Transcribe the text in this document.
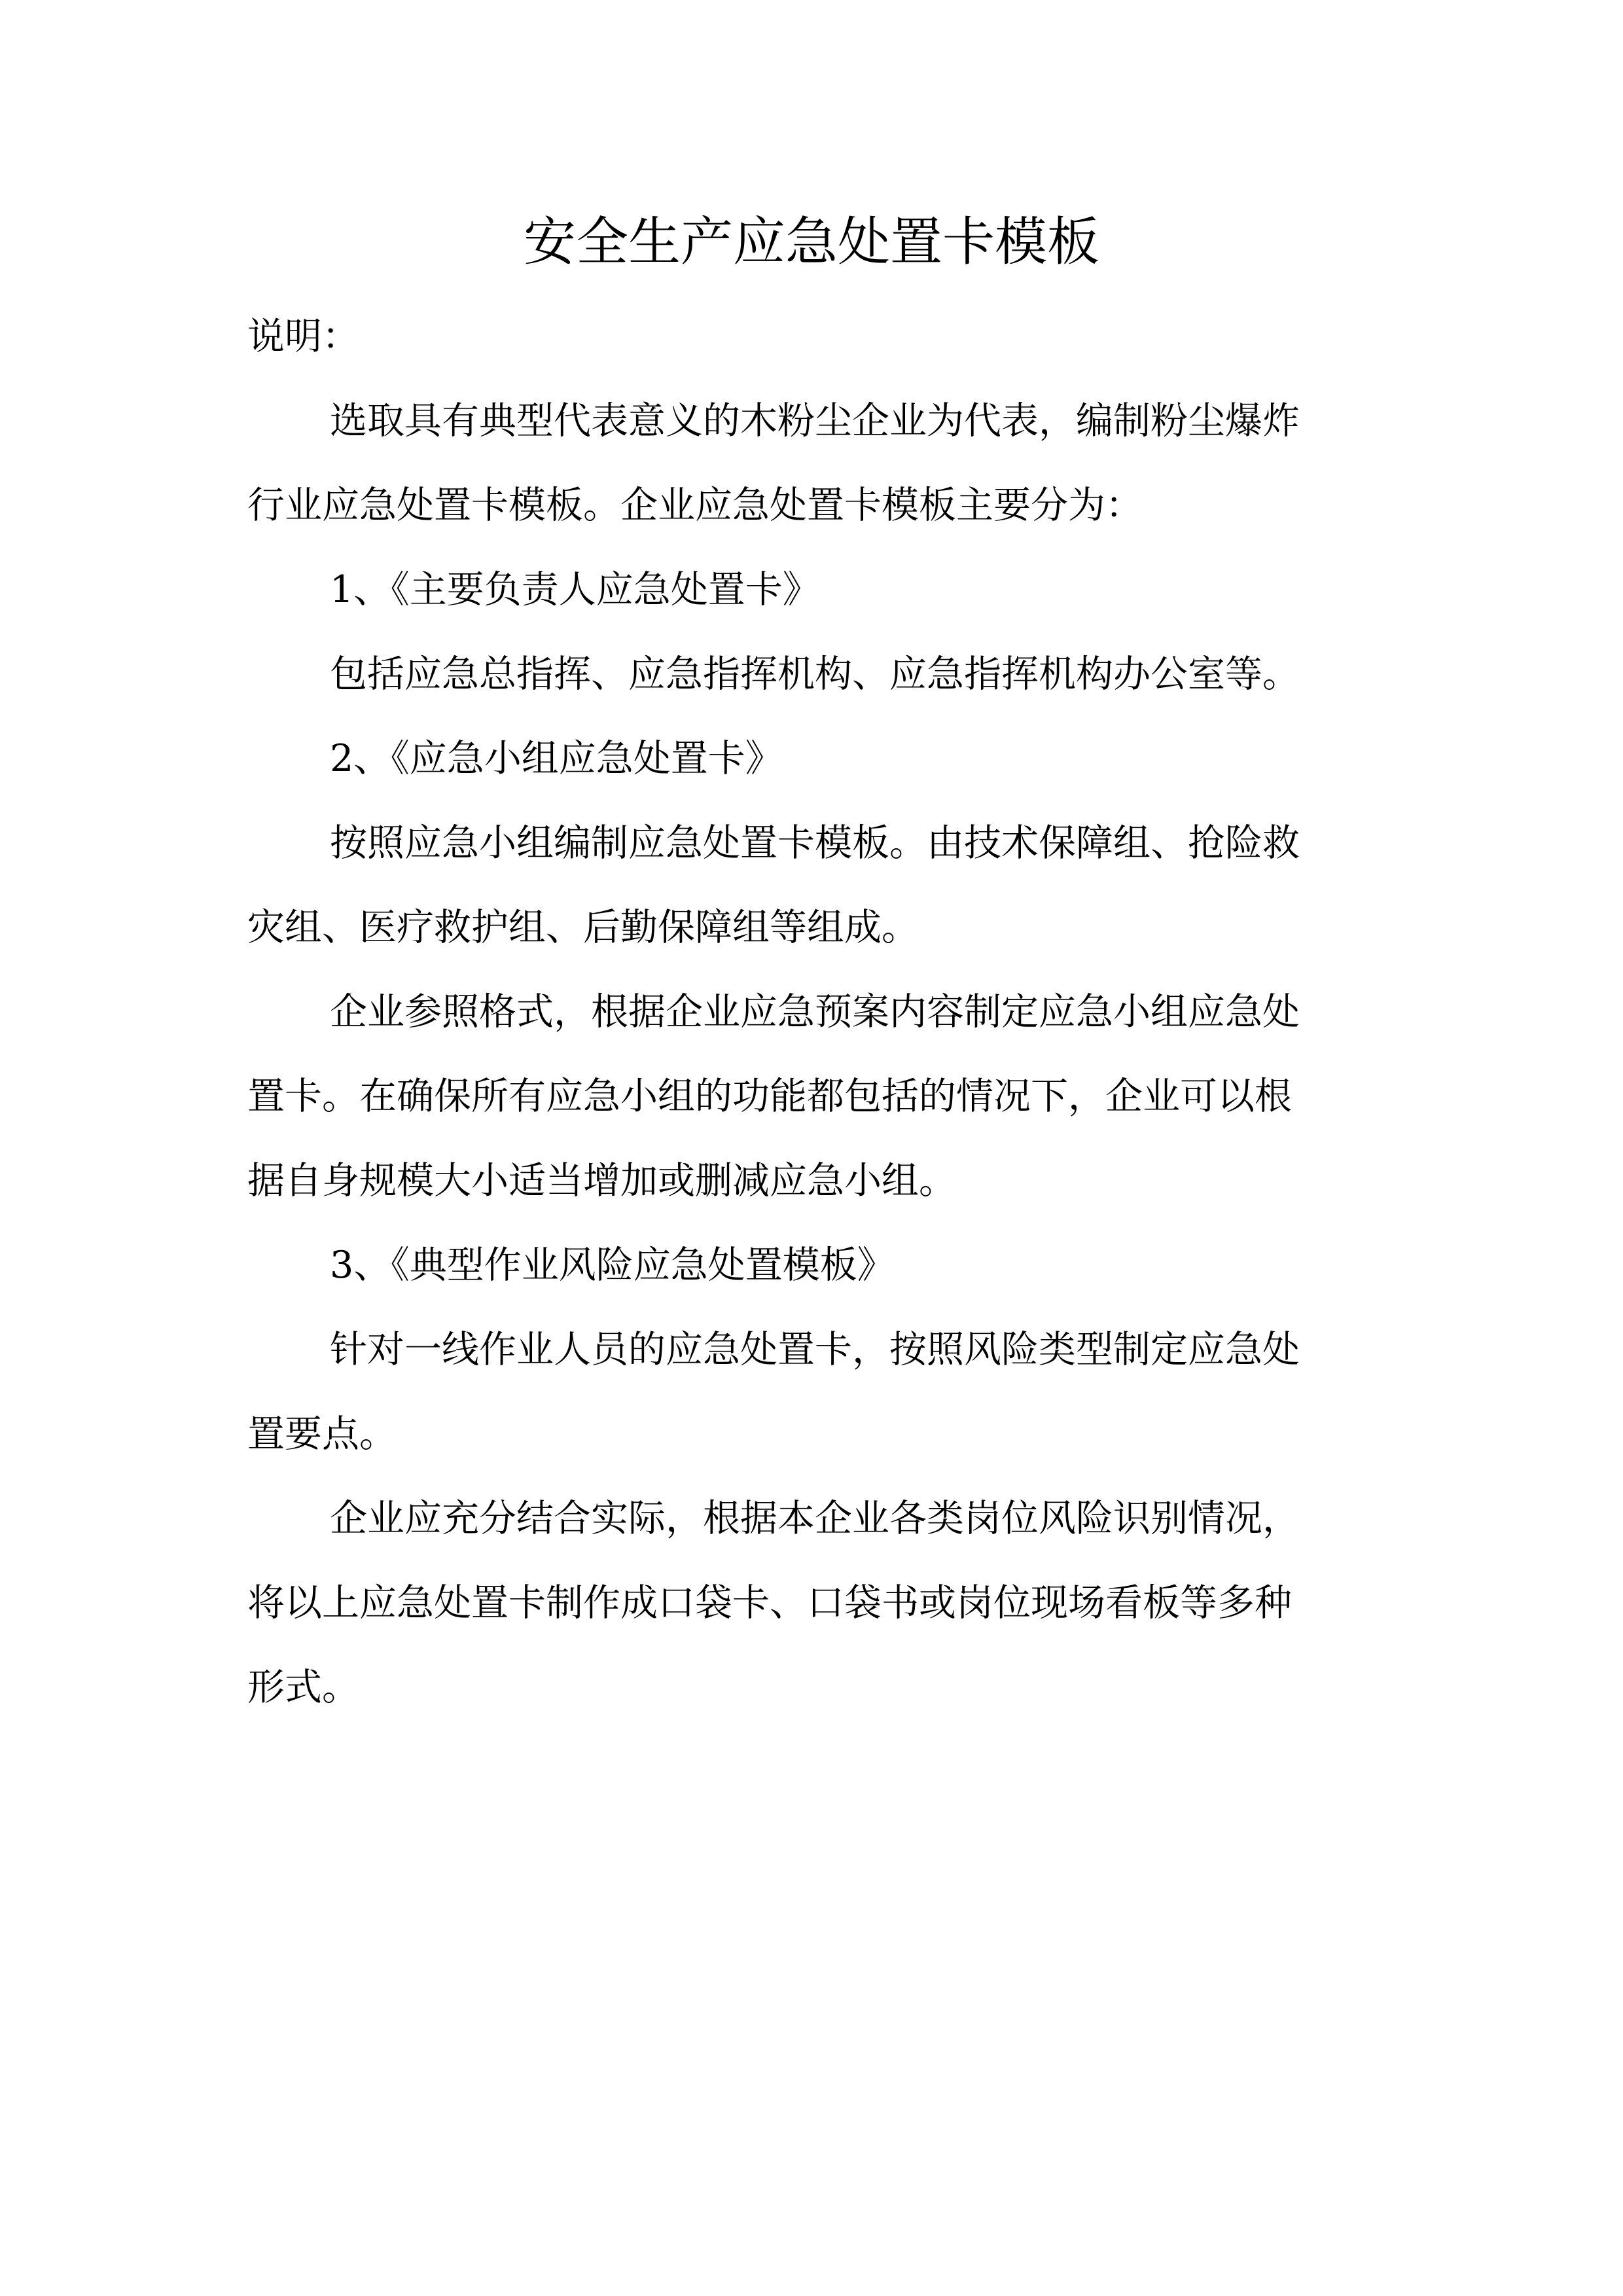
安全生产应急处置卡模板

说明：

选取具有典型代表意义的木粉尘企业为代表，编制粉尘爆炸

行业应急处置卡模板。企业应急处置卡模板主要分为：

1、《主要负责人应急处置卡》

包括应急总指挥、应急指挥机构、应急指挥机构办公室等。

2、《应急小组应急处置卡》

按照应急小组编制应急处置卡模板。由技术保障组、抢险救

灾组、医疗救护组、后勤保障组等组成。

企业参照格式，根据企业应急预案内容制定应急小组应急处

置卡。在确保所有应急小组的功能都包括的情况下，企业可以根

据自身规模大小适当增加或删减应急小组。

3、《典型作业风险应急处置模板》

针对一线作业人员的应急处置卡，按照风险类型制定应急处

置要点。

企业应充分结合实际，根据本企业各类岗位风险识别情况，

将以上应急处置卡制作成口袋卡、口袋书或岗位现场看板等多种

形式。
